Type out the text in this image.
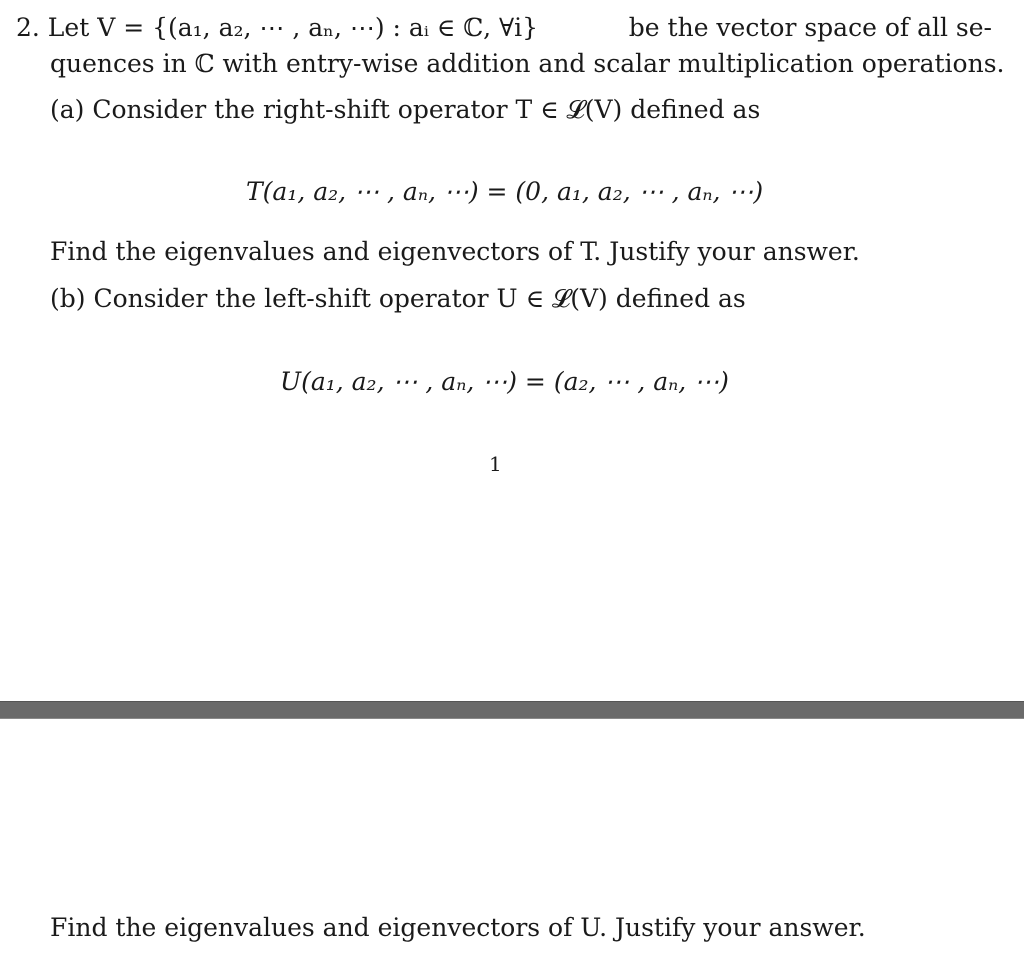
2. Let V = {(a₁, a₂, ⋯ , aₙ, ⋯) : aᵢ ∈ ℂ, ∀i}	be the vector space of all se-
quences in ℂ with entry-wise addition and scalar multiplication operations.
(a) Consider the right-shift operator T ∈ 𝓛(V) defined as
T(a₁, a₂, ⋯ , aₙ, ⋯) = (0, a₁, a₂, ⋯ , aₙ, ⋯)
Find the eigenvalues and eigenvectors of T. Justify your answer.
(b) Consider the left-shift operator U ∈ 𝓛(V) defined as
U(a₁, a₂, ⋯ , aₙ, ⋯) = (a₂, ⋯ , aₙ, ⋯)
1
Find the eigenvalues and eigenvectors of U. Justify your answer.
